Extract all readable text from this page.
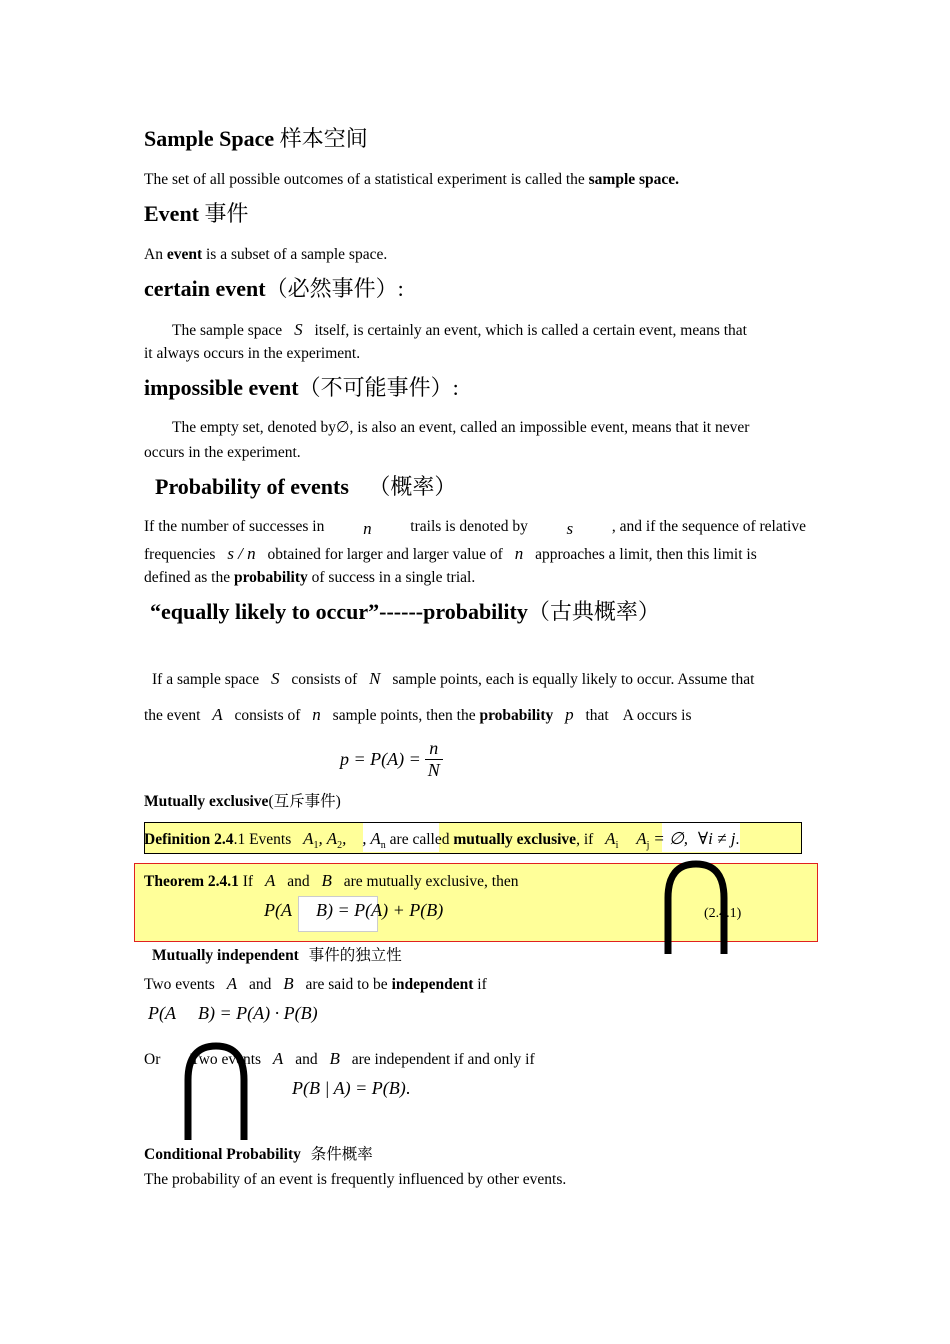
Sample Space 样本空间
The set of all possible outcomes of a statistical experiment is called the sample space.
Event 事件
An event is a subset of a sample space.
certain event（必然事件）:
The sample space S itself, is certainly an event, which is called a certain event, means that
it always occurs in the experiment.
impossible event（不可能事件）:
The empty set, denoted by∅, is also an event, called an impossible event, means that it never
occurs in the experiment.
Probability of events （概率）
If the number of successes in n trails is denoted by s , and if the sequence of relative
frequencies s / n obtained for larger and larger value of n approaches a limit, then this limit is
defined as the probability of success in a single trial.
“equally likely to occur”------probability（古典概率）
If a sample space S consists of N sample points, each is equally likely to occur. Assume that
the event A consists of n sample points, then the probability p that A occurs is
$p = P(A) = \frac{n}{N}$
Mutually exclusive(互斥事件)
Definition 2.4.1 Events $A_1$, $A_2$, , $A_n$ are called mutually exclusive, if $A_i$ $A_j$ = ∅, ∀i ≠ j.
Theorem 2.4.1 If A and B are mutually exclusive, then
P(A B) = P(A) + P(B)	(2.4.1)
Mutually independent 事件的独立性
Two events A and B are said to be independent if
P(A B) = P(A) · P(B)
Or Two events A and B are independent if and only if
P(B | A) = P(B).
Conditional Probability 条件概率
The probability of an event is frequently influenced by other events.
